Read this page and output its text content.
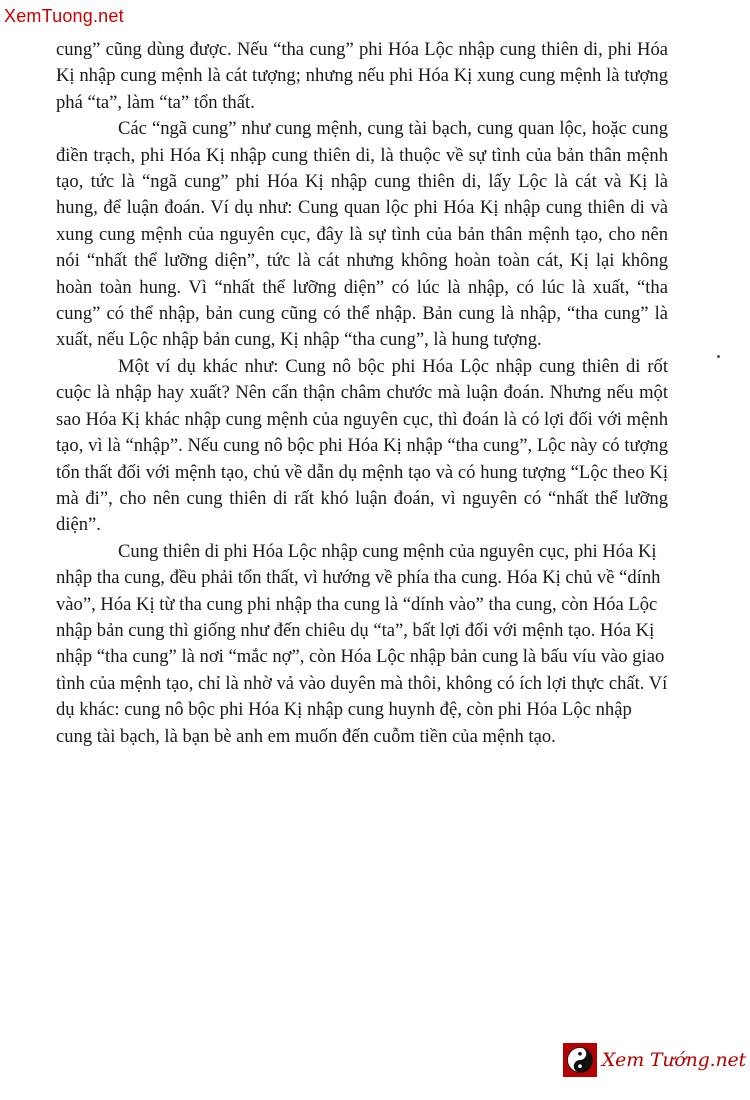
XemTuong.net

cung” cũng dùng được. Nếu “tha cung” phi Hóa Lộc nhập cung thiên di, phi Hóa Kị nhập cung mệnh là cát tượng; nhưng nếu phi Hóa Kị xung cung mệnh là tượng phá “ta”, làm “ta” tổn thất.

Các “ngã cung” như cung mệnh, cung tài bạch, cung quan lộc, hoặc cung điền trạch, phi Hóa Kị nhập cung thiên di, là thuộc về sự tình của bản thân mệnh tạo, tức là “ngã cung” phi Hóa Kị nhập cung thiên di, lấy Lộc là cát và Kị là hung, để luận đoán. Ví dụ như: Cung quan lộc phi Hóa Kị nhập cung thiên di và xung cung mệnh của nguyên cục, đây là sự tình của bản thân mệnh tạo, cho nên nói “nhất thể lưỡng diện”, tức là cát nhưng không hoàn toàn cát, Kị lại không hoàn toàn hung. Vì “nhất thể lưỡng diện” có lúc là nhập, có lúc là xuất, “tha cung” có thể nhập, bản cung cũng có thể nhập. Bản cung là nhập, “tha cung” là xuất, nếu Lộc nhập bản cung, Kị nhập “tha cung”, là hung tượng.

Một ví dụ khác như: Cung nô bộc phi Hóa Lộc nhập cung thiên di rốt cuộc là nhập hay xuất? Nên cẩn thận châm chước mà luận đoán. Nhưng nếu một sao Hóa Kị khác nhập cung mệnh của nguyên cục, thì đoán là có lợi đối với mệnh tạo, vì là “nhập”. Nếu cung nô bộc phi Hóa Kị nhập “tha cung”, Lộc này có tượng tổn thất đối với mệnh tạo, chủ về dẫn dụ mệnh tạo và có hung tượng “Lộc theo Kị mà đi”, cho nên cung thiên di rất khó luận đoán, vì nguyên có “nhất thể lưỡng diện”.

Cung thiên di phi Hóa Lộc nhập cung mệnh của nguyên cục, phi Hóa Kị nhập tha cung, đều phải tổn thất, vì hướng về phía tha cung. Hóa Kị chủ về “dính vào”, Hóa Kị từ tha cung phi nhập tha cung là “dính vào” tha cung, còn Hóa Lộc nhập bản cung thì giống như đến chiêu dụ “ta”, bất lợi đối với mệnh tạo. Hóa Kị nhập “tha cung” là nơi “mắc nợ”, còn Hóa Lộc nhập bản cung là bấu víu vào giao tình của mệnh tạo, chỉ là nhờ vả vào duyên mà thôi, không có ích lợi thực chất. Ví dụ khác: cung nô bộc phi Hóa Kị nhập cung huynh đệ, còn phi Hóa Lộc nhập cung tài bạch, là bạn bè anh em muốn đến cuỗm tiền của mệnh tạo.

Xem Tướng.net
